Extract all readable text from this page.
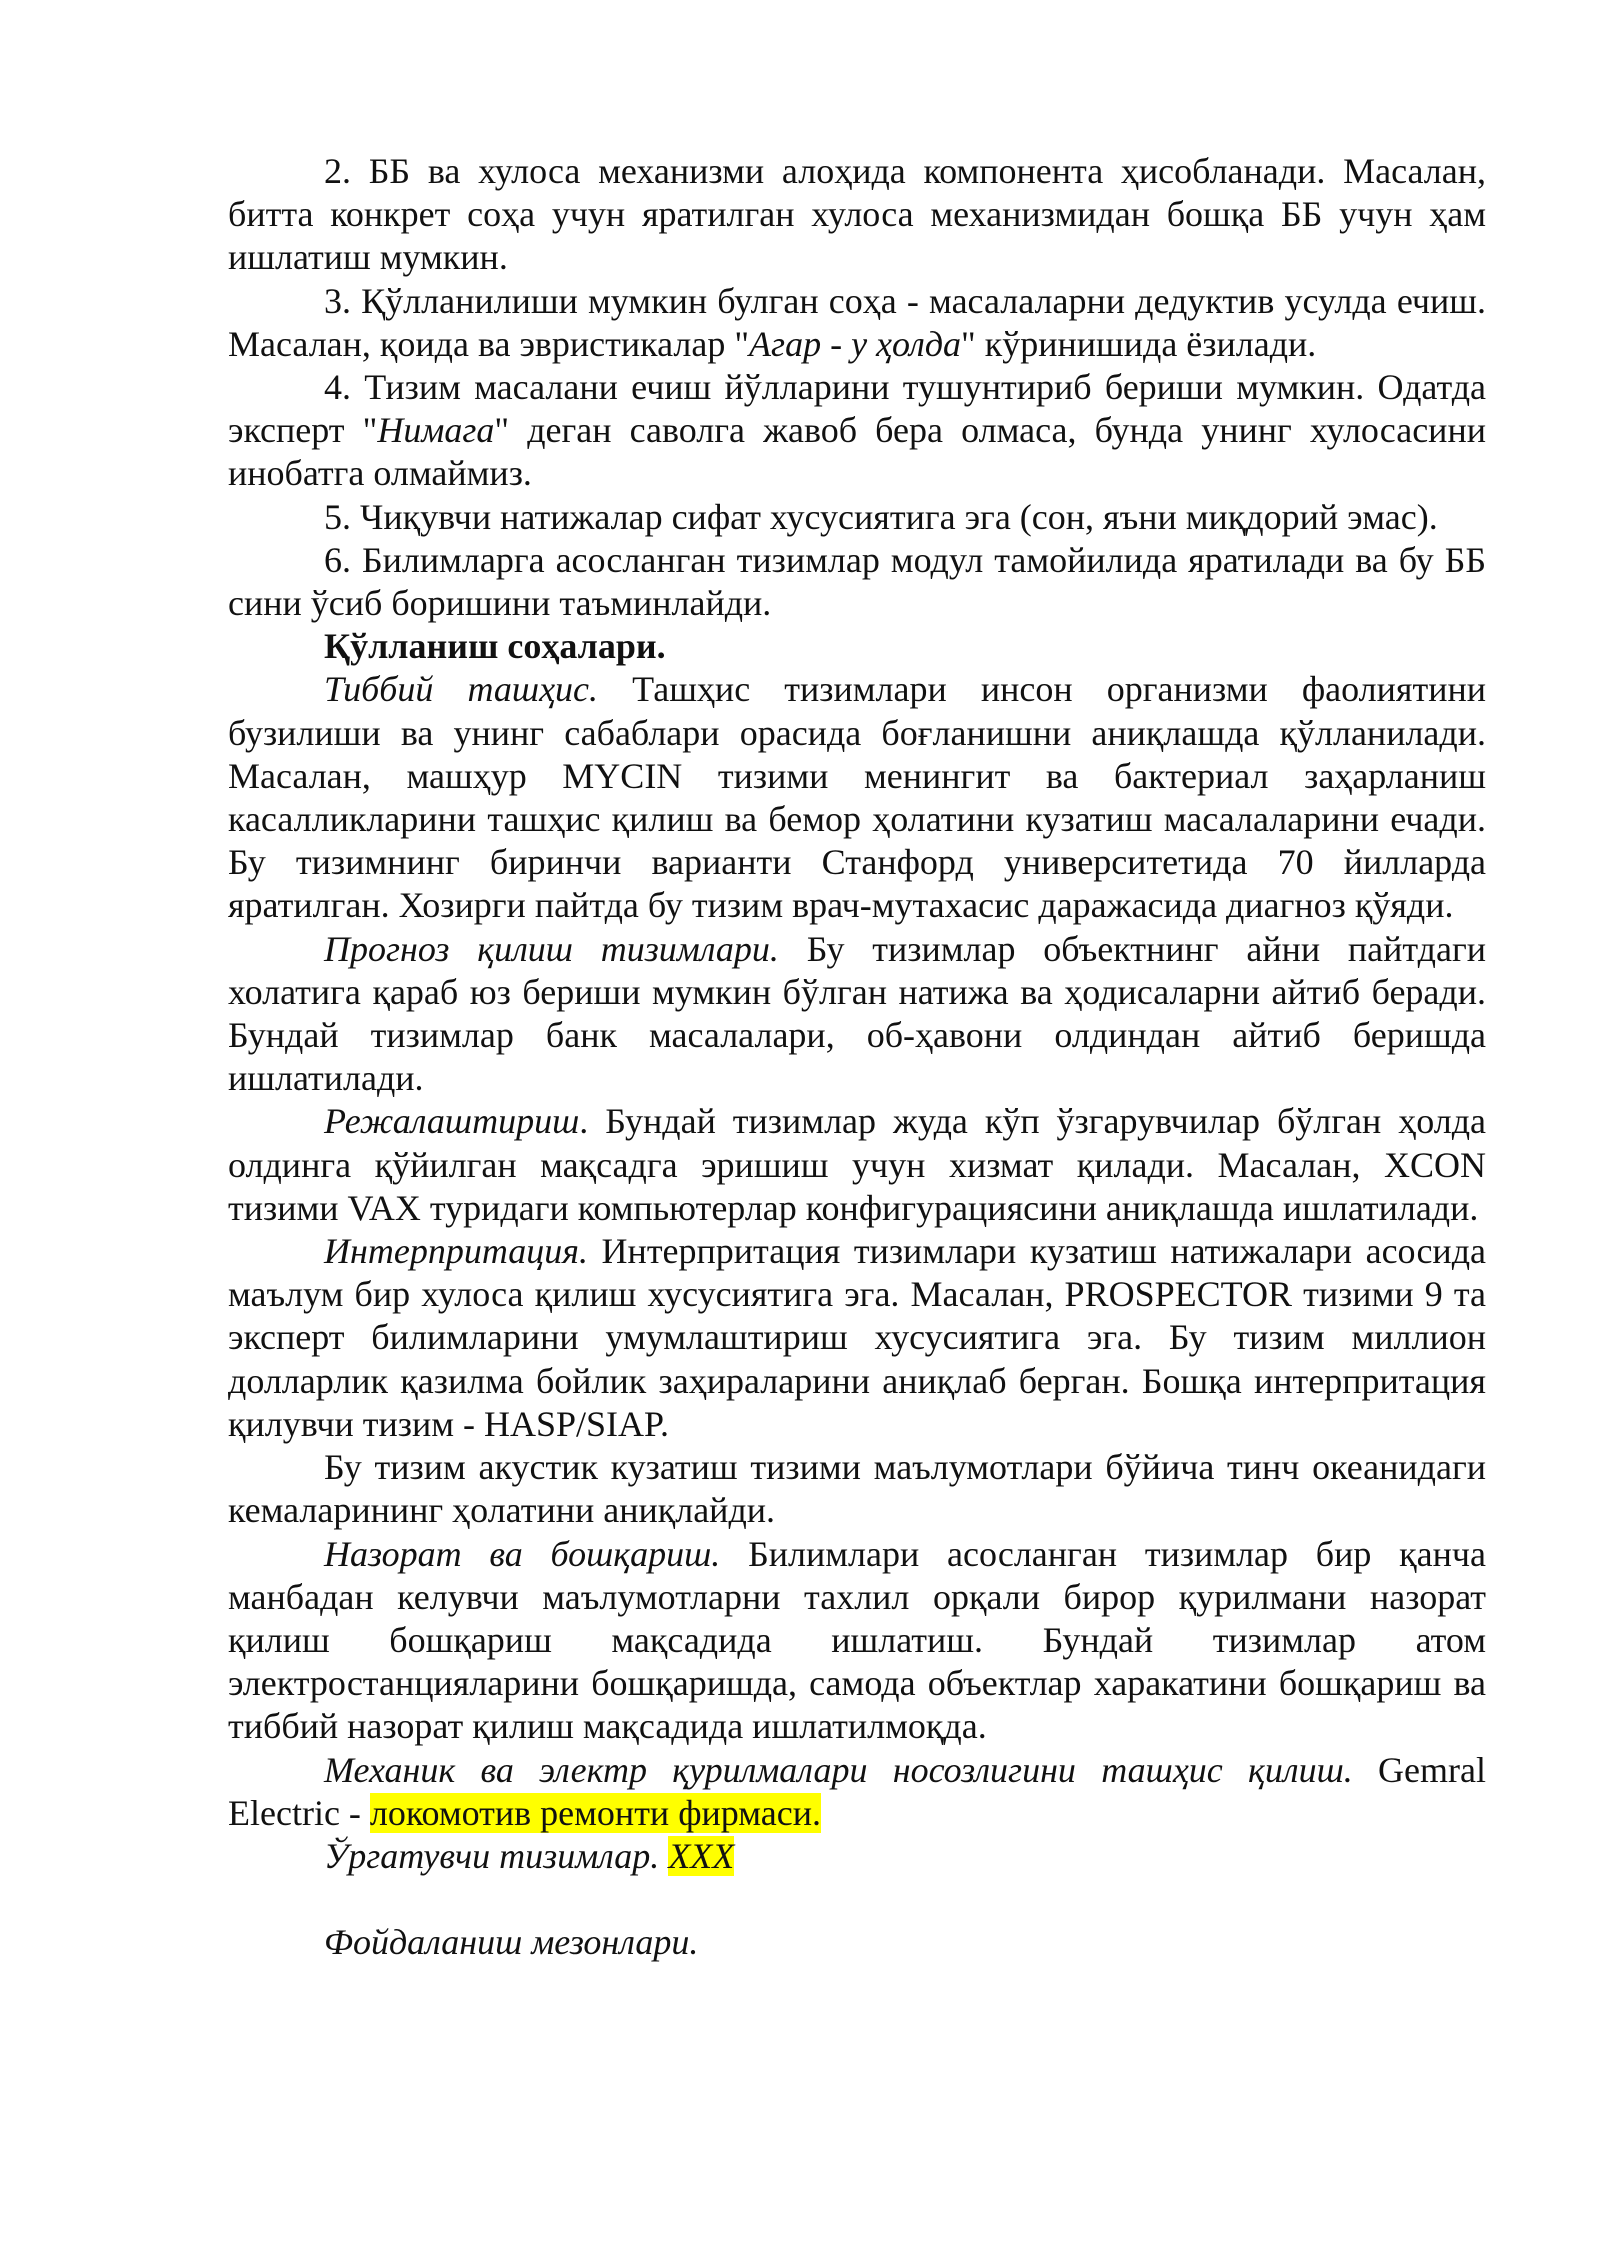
2. ББ ва хулоса механизми алоҳида компонента ҳисобланади. Масалан, битта конкрет соҳа учун яратилган хулоса механизмидан бошқа ББ учун ҳам ишлатиш мумкин.

3. Қўлланилиши мумкин булган соҳа - масалаларни дедуктив усулда ечиш. Масалан, қоида ва эвристикалар "Агар - у ҳолда" кўринишида ёзилади.

4. Тизим масалани ечиш йўлларини тушунтириб бериши мумкин. Одатда эксперт "Нимага" деган саволга жавоб бера олмаса, бунда унинг хулосасини инобатга олмаймиз.

5. Чиқувчи натижалар сифат хусусиятига эга (сон, яъни миқдорий эмас).

6. Билимларга асосланган тизимлар модул тамойилида яратилади ва бу ББ сини ўсиб боришини таъминлайди.

Қўлланиш соҳалари.

Тиббий ташҳис. Ташҳис тизимлари инсон организми фаолиятини бузилиши ва унинг сабаблари орасида боғланишни аниқлашда қўлланилади. Масалан, машҳур MYCIN тизими менингит ва бактериал заҳарланиш касалликларини ташҳис қилиш ва бемор ҳолатини кузатиш масалаларини ечади. Бу тизимнинг биринчи варианти Станфорд университетида 70 йилларда яратилган. Хозирги пайтда бу тизим врач-мутахасис даражасида диагноз қўяди.

Прогноз қилиш тизимлари. Бу тизимлар объектнинг айни пайтдаги холатига қараб юз бериши мумкин бўлган натижа ва ҳодисаларни айтиб беради. Бундай тизимлар банк масалалари, об-ҳавони олдиндан айтиб беришда ишлатилади.

Режалаштириш. Бундай тизимлар жуда кўп ўзгарувчилар бўлган ҳолда олдинга қўйилган мақсадга эришиш учун хизмат қилади. Масалан, XCON тизими VAX туридаги компьютерлар конфигурациясини аниқлашда ишлатилади.

Интерпритация. Интерпритация тизимлари кузатиш натижалари асосида маълум бир хулоса қилиш хусусиятига эга. Масалан, PROSPECTOR тизими 9 та эксперт билимларини умумлаштириш хусусиятига эга. Бу тизим миллион долларлик қазилма бойлик заҳираларини аниқлаб берган. Бошқа интерпритация қилувчи тизим - HASP/SIAP.

Бу тизим акустик кузатиш тизими маълумотлари бўйича тинч океанидаги кемаларининг ҳолатини аниқлайди.

Назорат ва бошқариш. Билимлари асосланган тизимлар бир қанча манбадан келувчи маълумотларни тахлил орқали бирор қурилмани назорат қилиш бошқариш мақсадида ишлатиш. Бундай тизимлар атом электростанцияларини бошқаришда, самода объектлар харакатини бошқариш ва тиббий назорат қилиш мақсадида ишлатилмоқда.

Механик ва электр қурилмалари носозлигини ташҳис қилиш. Gemral Electric - локомотив ремонти фирмаси.

Ўргатувчи тизимлар. ХХХ

Фойдаланиш мезонлари.
